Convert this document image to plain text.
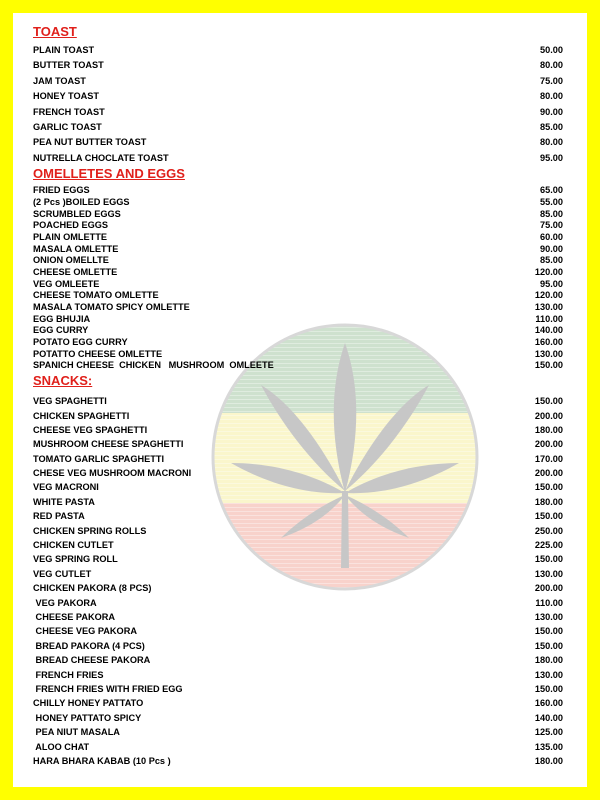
TOAST
PLAIN TOAST	50.00
BUTTER TOAST	80.00
JAM TOAST	75.00
HONEY TOAST	80.00
FRENCH TOAST	90.00
GARLIC TOAST	85.00
PEA NUT BUTTER TOAST	80.00
NUTRELLA CHOCLATE TOAST	95.00
OMELLETES AND EGGS
FRIED EGGS	65.00
(2 Pcs )BOILED EGGS	55.00
SCRUMBLED EGGS	85.00
POACHED EGGS	75.00
PLAIN OMLETTE	60.00
MASALA OMLETTE	90.00
ONION OMELLTE	85.00
CHEESE OMLETTE	120.00
VEG OMLEETE	95.00
CHEESE TOMATO OMLETTE	120.00
MASALA TOMATO SPICY OMLETTE	130.00
EGG BHUJIA	110.00
EGG CURRY	140.00
POTATO EGG CURRY	160.00
POTATTO CHEESE OMLETTE	130.00
SPANICH CHEESE  CHICKEN   MUSHROOM  OMLEETE	150.00
SNACKS:
VEG SPAGHETTI	150.00
CHICKEN SPAGHETTI	200.00
CHEESE VEG SPAGHETTI	180.00
MUSHROOM CHEESE SPAGHETTI	200.00
TOMATO GARLIC SPAGHETTI	170.00
CHESE VEG MUSHROOM MACRONI	200.00
VEG MACRONI	150.00
WHITE PASTA	180.00
RED PASTA	150.00
CHICKEN SPRING ROLLS	250.00
CHICKEN CUTLET	225.00
VEG SPRING ROLL	150.00
VEG CUTLET	130.00
CHICKEN PAKORA (8 PCS)	200.00
VEG PAKORA	110.00
CHEESE PAKORA	130.00
CHEESE VEG PAKORA	150.00
BREAD PAKORA (4 PCS)	150.00
BREAD CHEESE PAKORA	180.00
FRENCH FRIES	130.00
FRENCH FRIES WITH FRIED EGG	150.00
CHILLY HONEY PATTATO	160.00
HONEY PATTATO SPICY	140.00
PEA NIUT MASALA	125.00
ALOO CHAT	135.00
HARA BHARA KABAB (10 Pcs )	180.00
